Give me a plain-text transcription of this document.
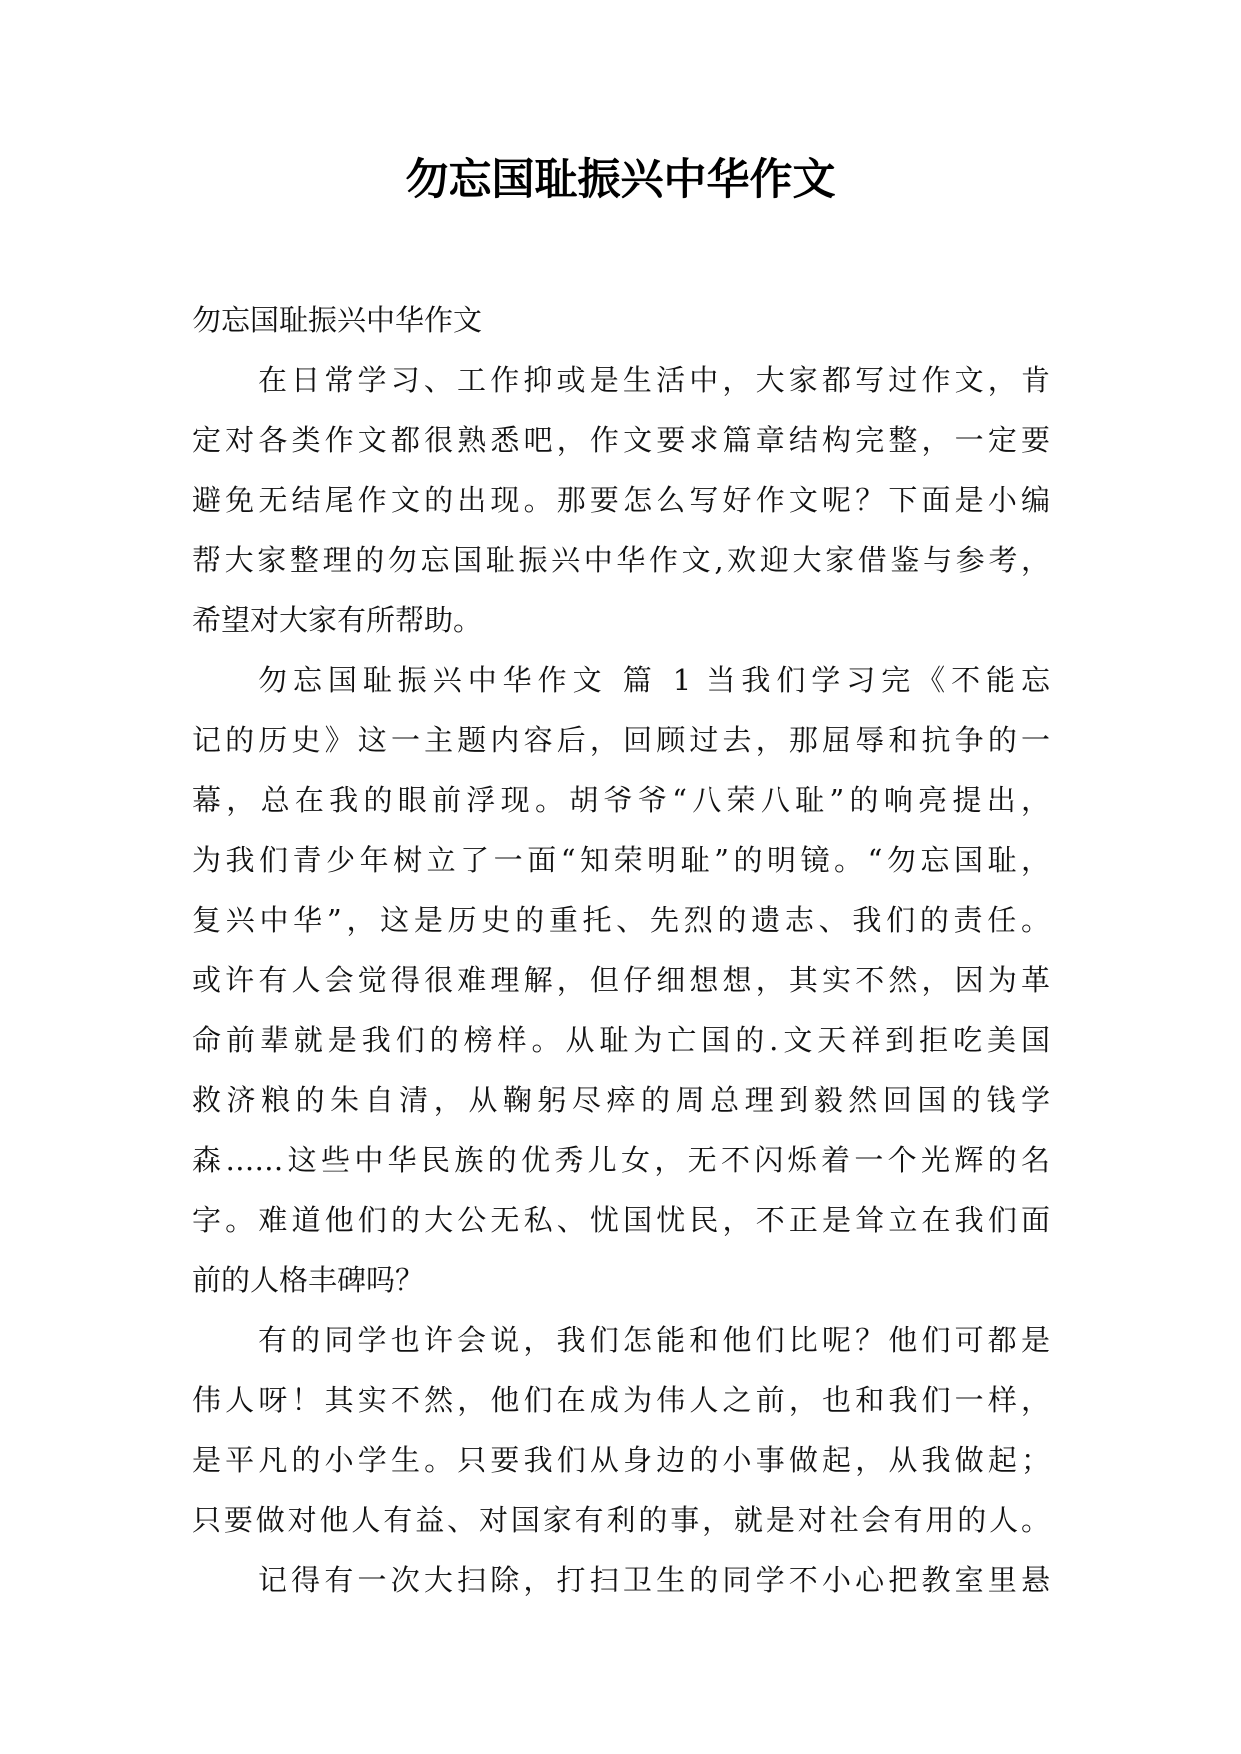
勿忘国耻振兴中华作文
勿忘国耻振兴中华作文
在日常学习、工作抑或是生活中，大家都写过作文，肯
定对各类作文都很熟悉吧，作文要求篇章结构完整，一定要
避免无结尾作文的出现。那要怎么写好作文呢？下面是小编
帮大家整理的勿忘国耻振兴中华作文,欢迎大家借鉴与参考，
希望对大家有所帮助。
勿忘国耻振兴中华作文 篇 1 当我们学习完《不能忘
记的历史》这一主题内容后，回顾过去，那屈辱和抗争的一
幕，总在我的眼前浮现。胡爷爷“八荣八耻”的响亮提出，
为我们青少年树立了一面“知荣明耻”的明镜。“勿忘国耻，
复兴中华”，这是历史的重托、先烈的遗志、我们的责任。
或许有人会觉得很难理解，但仔细想想，其实不然，因为革
命前辈就是我们的榜样。从耻为亡国的.文天祥到拒吃美国
救济粮的朱自清，从鞠躬尽瘁的周总理到毅然回国的钱学
森……这些中华民族的优秀儿女，无不闪烁着一个光辉的名
字。难道他们的大公无私、忧国忧民，不正是耸立在我们面
前的人格丰碑吗？
有的同学也许会说，我们怎能和他们比呢？他们可都是
伟人呀！其实不然，他们在成为伟人之前，也和我们一样，
是平凡的小学生。只要我们从身边的小事做起，从我做起；
只要做对他人有益、对国家有利的事，就是对社会有用的人。
记得有一次大扫除，打扫卫生的同学不小心把教室里悬
